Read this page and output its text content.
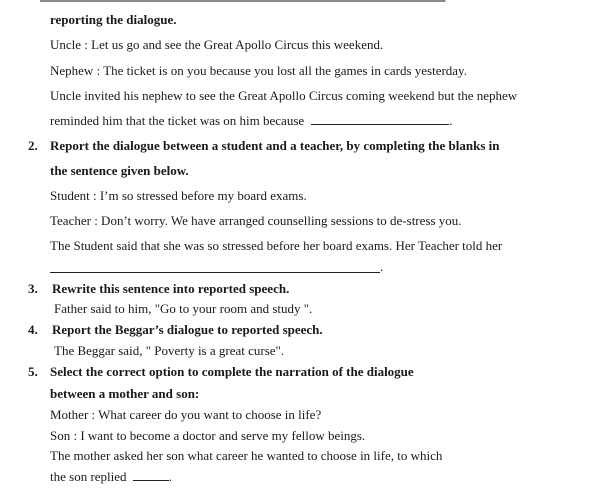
reporting the dialogue.
Uncle : Let us go and see the Great Apollo Circus this weekend.
Nephew : The ticket is on you because you lost all the games in cards yesterday.
Uncle invited his nephew to see the Great Apollo Circus coming weekend but the nephew
reminded him that the ticket was on him because	.
2. Report the dialogue between a student and a teacher, by completing the blanks in
the sentence given below.
Student : I’m so stressed before my board exams.
Teacher : Don’t worry. We have arranged counselling sessions to de-stress you.
The Student said that she was so stressed before her board exams. Her Teacher told her
.
3. Rewrite this sentence into reported speech.
Father said to him, "Go to your room and study ".
4. Report the Beggar’s dialogue to reported speech.
The Beggar said, " Poverty is a great curse".
5. Select the correct option to complete the narration of the dialogue
between a mother and son:
Mother : What career do you want to choose in life?
Son : I want to become a doctor and serve my fellow beings.
The mother asked her son what career he wanted to choose in life, to which
the son replied	.
